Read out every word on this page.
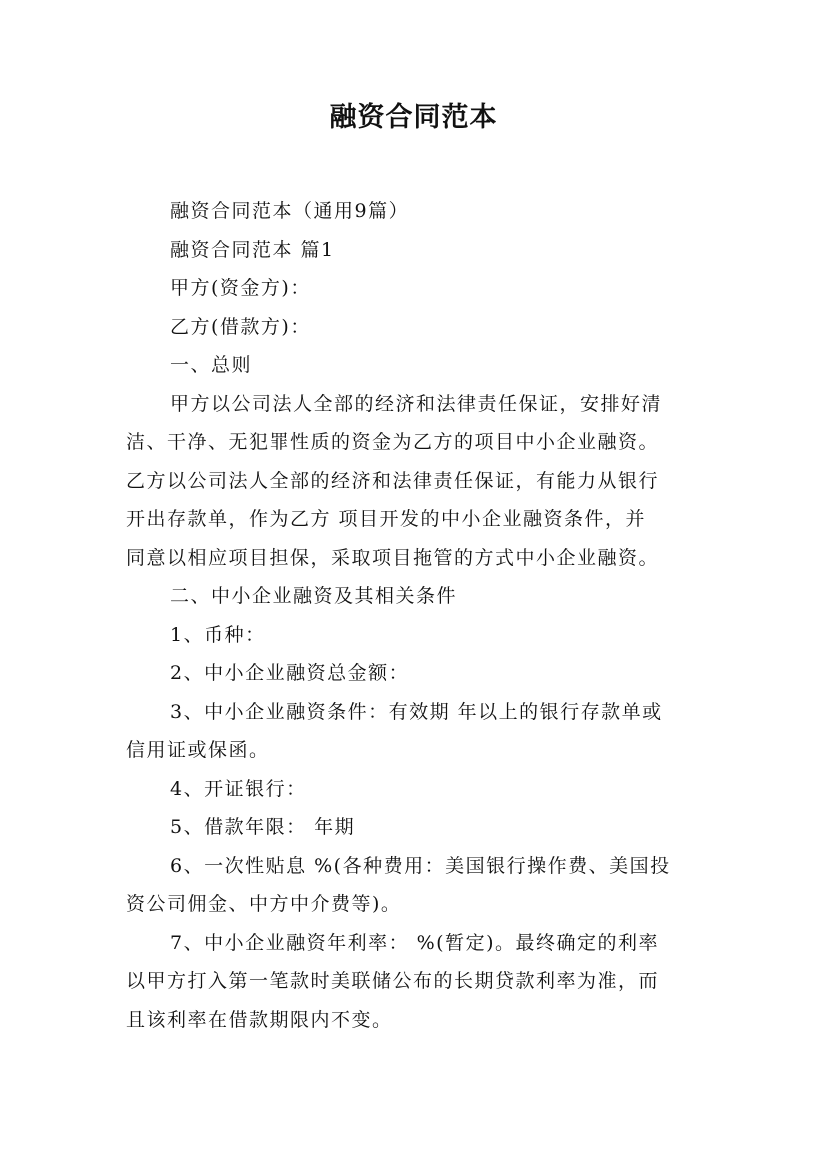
融资合同范本
融资合同范本（通用9篇）
融资合同范本 篇1
甲方(资金方)：
乙方(借款方)：
一、总则
甲方以公司法人全部的经济和法律责任保证，安排好清
洁、干净、无犯罪性质的资金为乙方的项目中小企业融资。
乙方以公司法人全部的经济和法律责任保证，有能力从银行
开出存款单，作为乙方 项目开发的中小企业融资条件，并
同意以相应项目担保，采取项目拖管的方式中小企业融资。
二、中小企业融资及其相关条件
1、币种：
2、中小企业融资总金额：
3、中小企业融资条件：有效期 年以上的银行存款单或
信用证或保函。
4、开证银行：
5、借款年限： 年期
6、一次性贴息 %(各种费用：美国银行操作费、美国投
资公司佣金、中方中介费等)。
7、中小企业融资年利率： %(暂定)。最终确定的利率
以甲方打入第一笔款时美联储公布的长期贷款利率为准，而
且该利率在借款期限内不变。
